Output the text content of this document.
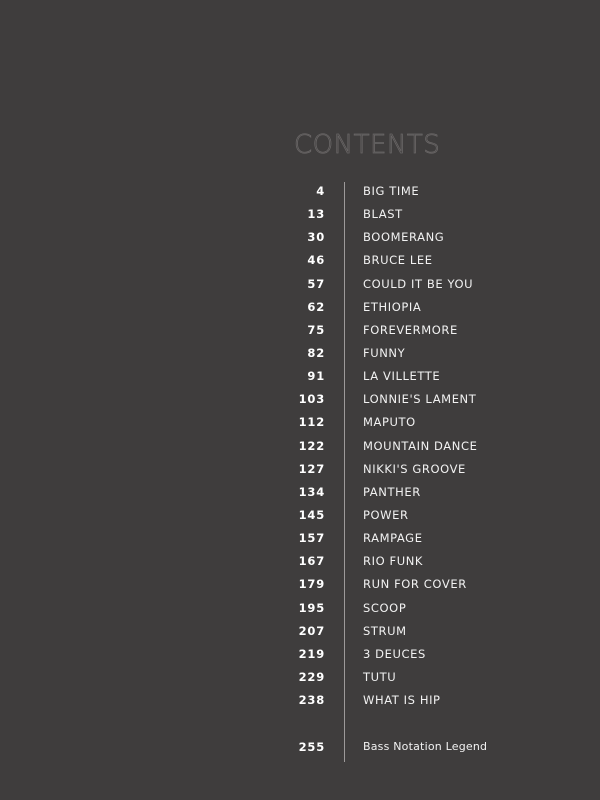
CONTENTS
4	BIG TIME
13	BLAST
30	BOOMERANG
46	BRUCE LEE
57	COULD IT BE YOU
62	ETHIOPIA
75	FOREVERMORE
82	FUNNY
91	LA VILLETTE
103	LONNIE'S LAMENT
112	MAPUTO
122	MOUNTAIN DANCE
127	NIKKI'S GROOVE
134	PANTHER
145	POWER
157	RAMPAGE
167	RIO FUNK
179	RUN FOR COVER
195	SCOOP
207	STRUM
219	3 DEUCES
229	TUTU
238	WHAT IS HIP
255	Bass Notation Legend
